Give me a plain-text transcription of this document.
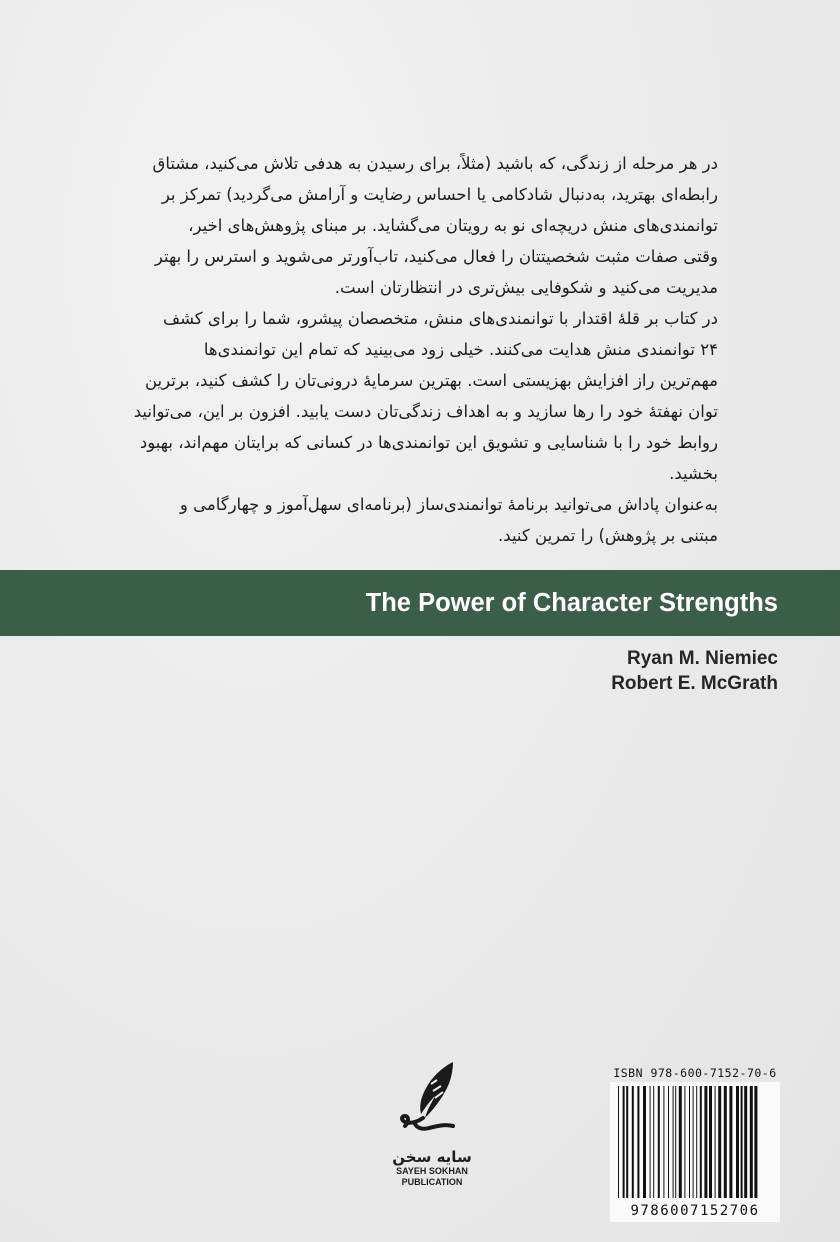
در هر مرحله از زندگی، که باشید (مثلاً، برای رسیدن به هدفی تلاش می‌کنید، مشتاق
رابطه‌ای بهترید، به‌دنبال شادکامی یا احساس رضایت و آرامش می‌گردید) تمرکز بر
توانمندی‌های منش دریچه‌ای نو به رویتان می‌گشاید. بر مبنای پژوهش‌های اخیر،
وقتی صفات مثبت شخصیتتان را فعال می‌کنید، تاب‌آورتر می‌شوید و استرس را بهتر
مدیریت می‌کنید و شکوفایی بیش‌تری در انتظارتان است.
در کتاب بر قلهٔ اقتدار با توانمندی‌های منش، متخصصان پیشرو، شما را برای کشف
۲۴ توانمندی منش هدایت می‌کنند. خیلی زود می‌بینید که تمام این توانمندی‌ها
مهم‌ترین راز افزایش بهزیستی است. بهترین سرمایهٔ درونی‌تان را کشف کنید، برترین
توان نهفتهٔ خود را رها سازید و به اهداف زندگی‌تان دست یابید. افزون بر این، می‌توانید
روابط خود را با شناسایی و تشویق این توانمندی‌ها در کسانی که برایتان مهم‌اند، بهبود
بخشید.
به‌عنوان پاداش می‌توانید برنامهٔ توانمندی‌ساز (برنامه‌ای سهل‌آموز و چهارگامی و
مبتنی بر پژوهش) را تمرین کنید.
The Power of Character Strengths
Ryan M. Niemiec
Robert E. McGrath
سایه سخن
SAYEH SOKHAN
PUBLICATION
ISBN 978-600-7152-70-6
9786007152706
